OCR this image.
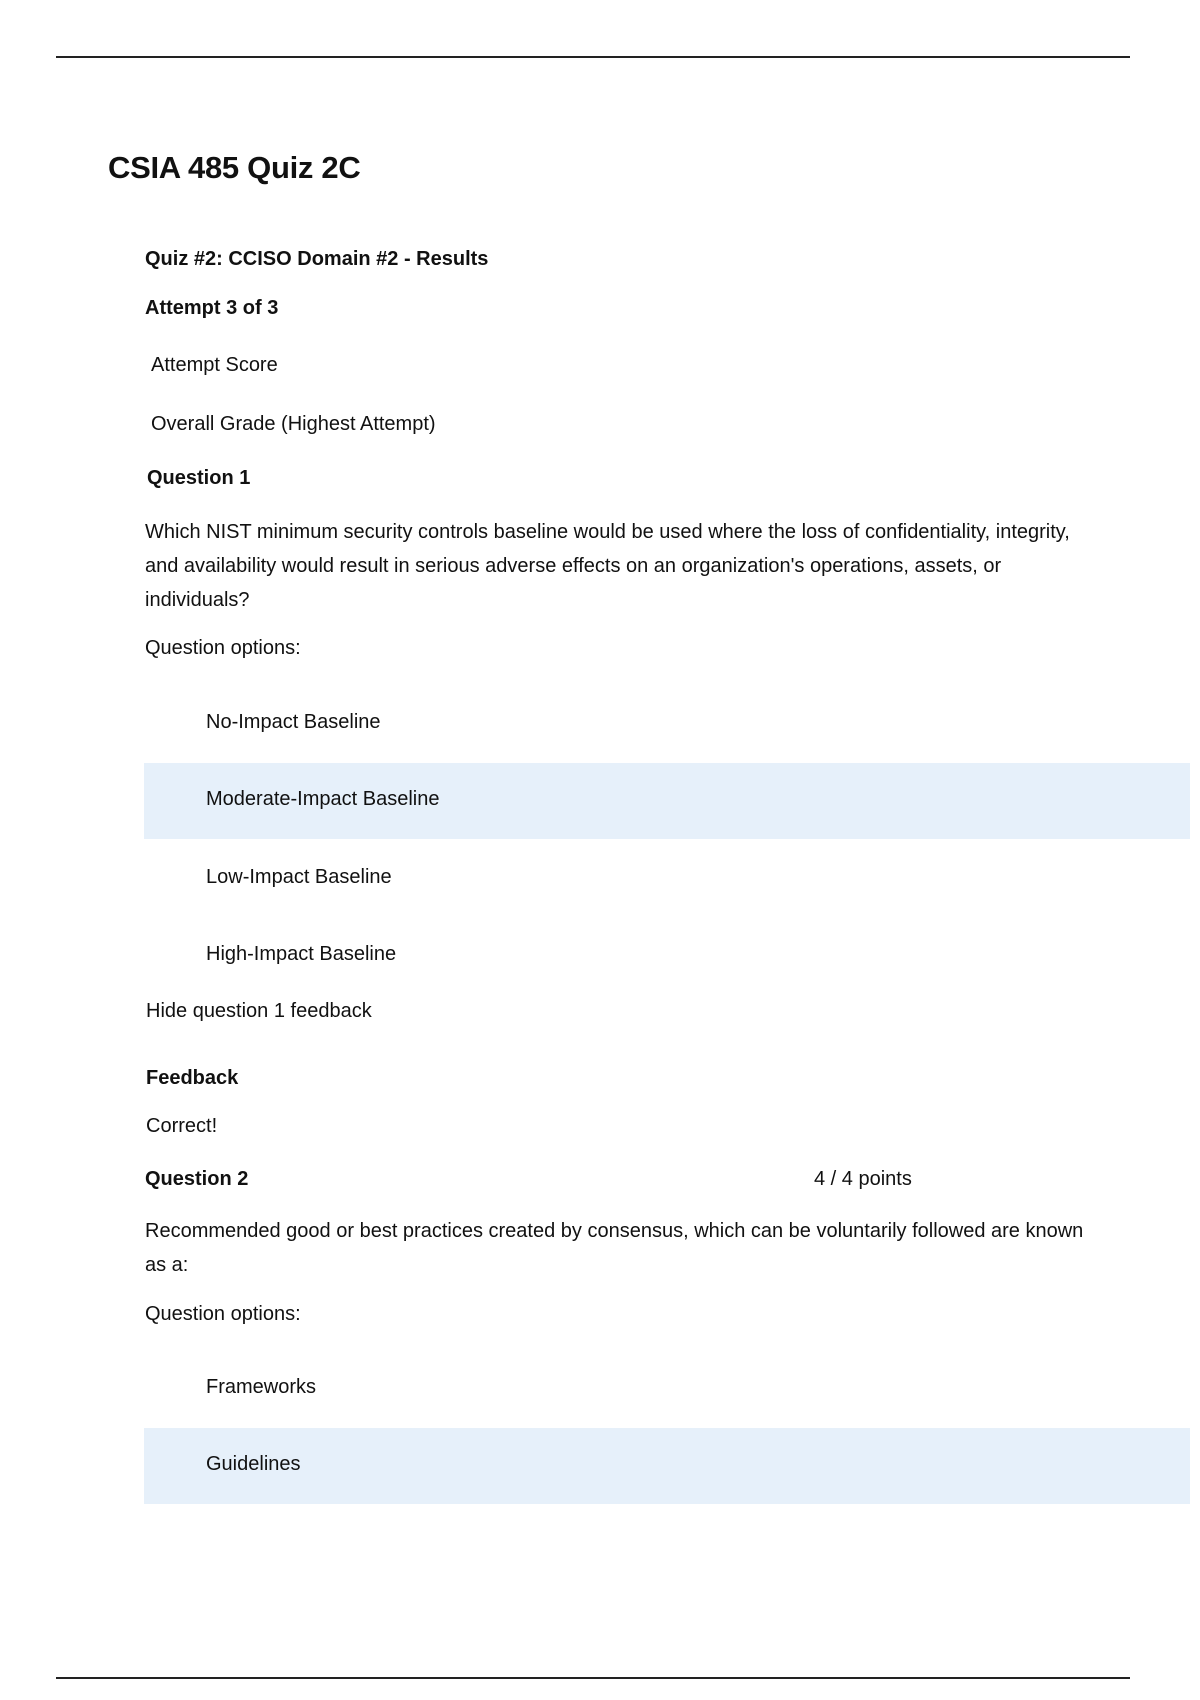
CSIA 485 Quiz 2C
Quiz #2: CCISO Domain #2 - Results
Attempt 3 of 3
Attempt Score
Overall Grade (Highest Attempt)
Question 1
Which NIST minimum security controls baseline would be used where the loss of confidentiality, integrity, and availability would result in serious adverse effects on an organization's operations, assets, or individuals?
Question options:
No-Impact Baseline
Moderate-Impact Baseline
Low-Impact Baseline
High-Impact Baseline
Hide question 1 feedback
Feedback
Correct!
Question 2	4 / 4 points
Recommended good or best practices created by consensus, which can be voluntarily followed are known as a:
Question options:
Frameworks
Guidelines
